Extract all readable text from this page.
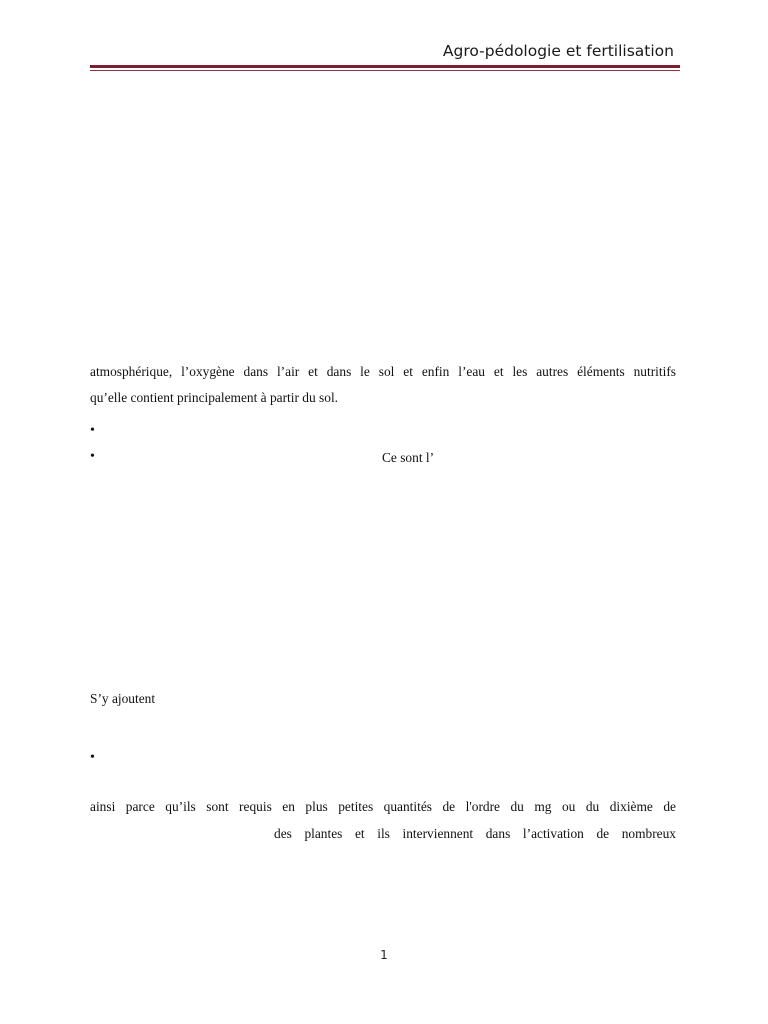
Agro-pédologie et fertilisation
atmosphérique, l’oxygène dans l’air et dans le sol et enfin l’eau et les autres éléments nutritifs
qu’elle contient principalement à partir du sol.
•
•	Ce sont l’
S’y ajoutent
•
ainsi parce qu’ils sont requis en plus petites quantités de l'ordre du mg ou du dixième de
des plantes et ils interviennent dans l’activation de nombreux
1
